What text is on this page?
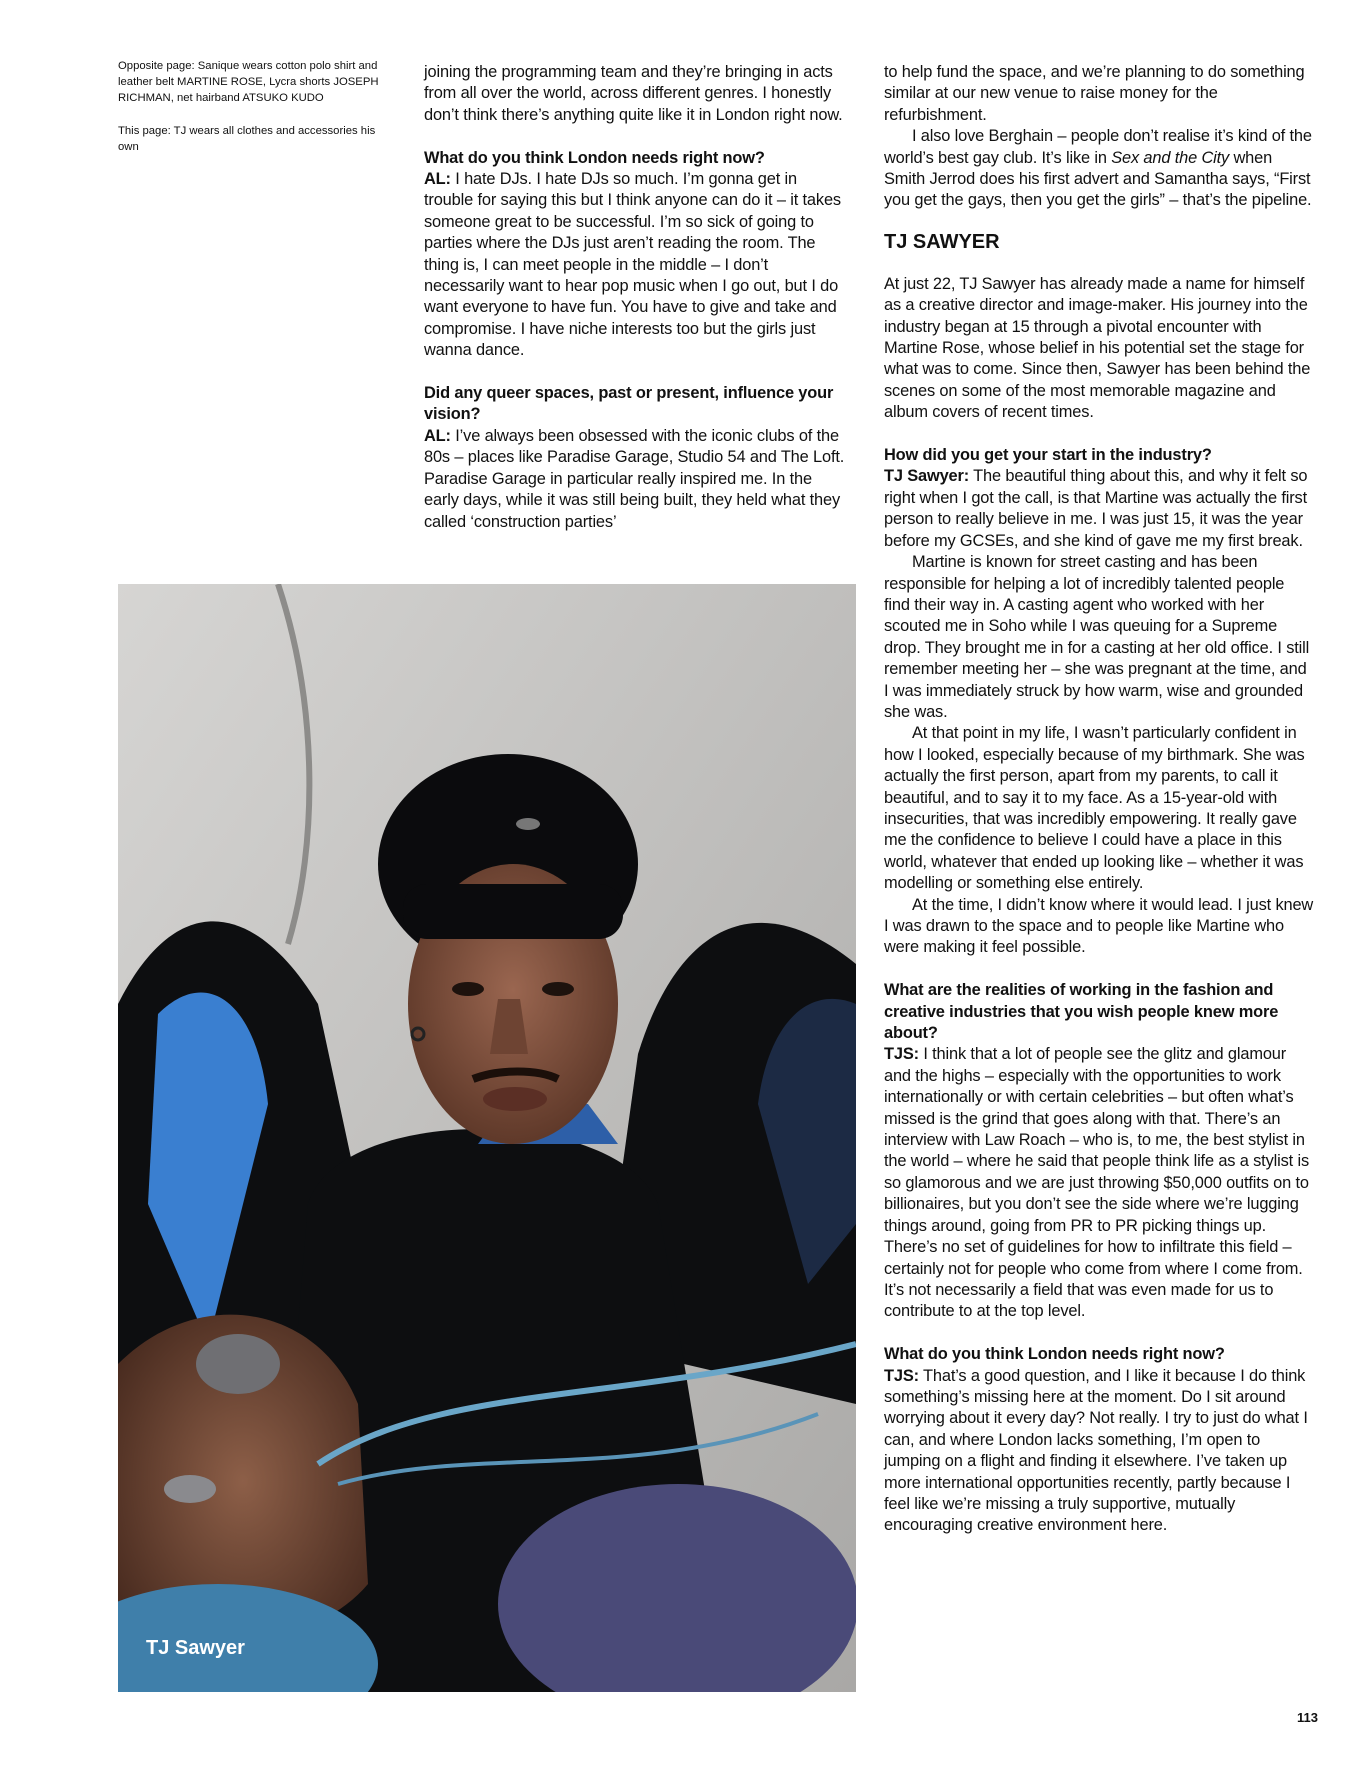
Opposite page: Sanique wears cotton polo shirt and leather belt MARTINE ROSE, Lycra shorts JOSEPH RICHMAN, net hairband ATSUKO KUDO

This page: TJ wears all clothes and accessories his own

joining the programming team and they’re bringing in acts from all over the world, across different genres. I honestly don’t think there’s anything quite like it in London right now.

What do you think London needs right now?

AL: I hate DJs. I hate DJs so much. I’m gonna get in trouble for saying this but I think anyone can do it – it takes someone great to be successful. I’m so sick of going to parties where the DJs just aren’t reading the room. The thing is, I can meet people in the middle – I don’t necessarily want to hear pop music when I go out, but I do want everyone to have fun. You have to give and take and compromise. I have niche interests too but the girls just wanna dance.

Did any queer spaces, past or present, influence your vision?

AL: I’ve always been obsessed with the iconic clubs of the 80s – places like Paradise Garage, Studio 54 and The Loft. Paradise Garage in particular really inspired me. In the early days, while it was still being built, they held what they called ‘construction parties’

to help fund the space, and we’re planning to do something similar at our new venue to raise money for the refurbishment.

I also love Berghain – people don’t realise it’s kind of the world’s best gay club. It’s like in Sex and the City when Smith Jerrod does his first advert and Samantha says, “First you get the gays, then you get the girls” – that’s the pipeline.

TJ SAWYER

At just 22, TJ Sawyer has already made a name for himself as a creative director and image-maker. His journey into the industry began at 15 through a pivotal encounter with Martine Rose, whose belief in his potential set the stage for what was to come. Since then, Sawyer has been behind the scenes on some of the most memorable magazine and album covers of recent times.

How did you get your start in the industry?

TJ Sawyer: The beautiful thing about this, and why it felt so right when I got the call, is that Martine was actually the first person to really believe in me. I was just 15, it was the year before my GCSEs, and she kind of gave me my first break.

Martine is known for street casting and has been responsible for helping a lot of incredibly talented people find their way in. A casting agent who worked with her scouted me in Soho while I was queuing for a Supreme drop. They brought me in for a casting at her old office. I still remember meeting her – she was pregnant at the time, and I was immediately struck by how warm, wise and grounded she was.

At that point in my life, I wasn’t particularly confident in how I looked, especially because of my birthmark. She was actually the first person, apart from my parents, to call it beautiful, and to say it to my face. As a 15-year-old with insecurities, that was incredibly empowering. It really gave me the confidence to believe I could have a place in this world, whatever that ended up looking like – whether it was modelling or something else entirely.

At the time, I didn’t know where it would lead. I just knew I was drawn to the space and to people like Martine who were making it feel possible.

What are the realities of working in the fashion and creative industries that you wish people knew more about?

TJS: I think that a lot of people see the glitz and glamour and the highs – especially with the opportunities to work internationally or with certain celebrities – but often what’s missed is the grind that goes along with that. There’s an interview with Law Roach – who is, to me, the best stylist in the world – where he said that people think life as a stylist is so glamorous and we are just throwing $50,000 outfits on to billionaires, but you don’t see the side where we’re lugging things around, going from PR to PR picking things up. There’s no set of guidelines for how to infiltrate this field – certainly not for people who come from where I come from. It’s not necessarily a field that was even made for us to contribute to at the top level.

What do you think London needs right now?

TJS: That’s a good question, and I like it because I do think something’s missing here at the moment. Do I sit around worrying about it every day? Not really. I try to just do what I can, and where London lacks something, I’m open to jumping on a flight and finding it elsewhere. I’ve taken up more international opportunities recently, partly because I feel like we’re missing a truly supportive, mutually encouraging creative environment here.

TJ Sawyer
113
